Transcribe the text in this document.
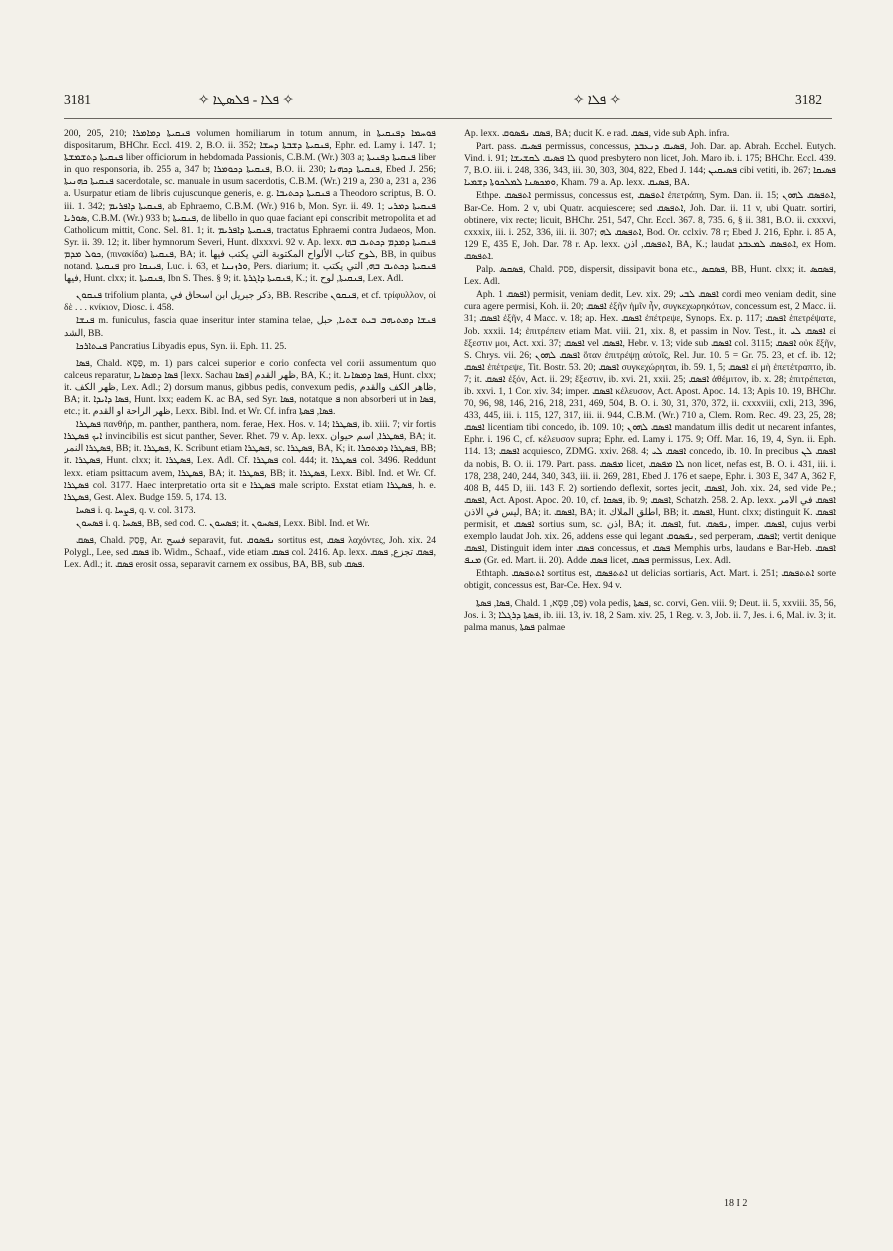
3181	✧ ܦܠܐ - ܦܠܣܛܐ ✧	✧ ܦܠܐ ✧	3182

200, 205, 210; ܦܢܩܝܬܐ ܕܡܐܡܪܐ volumen homiliarum in totum annum, in ܦܘܚܡܐ ܕܦܢܩܝܬܐ dispositarum, BHChr. Eccl. 419. 2, B.O. ii. 352; ܦܢܩܝܬܐ ܕܫܒܬܐ ܕܚܫܐ, Ephr. ed. Lamy i. 147. 1; ܦܢܩܝܬܐ ܕܬܫܡܫܬܐ liber officiorum in hebdomada Passionis, C.B.M. (Wr.) 303 a; ܦܢܩܝܬܐ ܕܦܢܝܬܐ liber in quo responsoria, ib. 255 a, 347 b; ܦܢܩܝܬܐ ܕܟܘܡܪܐ, B.O. ii. 230; ܦܢܩܝܬܐ ܕܟܗܢܐ, Ebed J. 256; ܦܢܩܝܬܐ ܟܗܢܝܬܐ sacerdotale, sc. manuale in usum sacerdotis, C.B.M. (Wr.) 219 a, 230 a, 231 a, 236 a. Usurpatur etiam de libris cujuscunque generis, e. g. ܦܢܩܝܬܐ ܕܟܬܝܒܐ a Theodoro scriptus, B. O. iii. 1. 342; ܦܢܩܝܬܐ ܕܐܦܪܝܡ, ab Ephraemo, C.B.M. (Wr.) 916 b, Mon. Syr. ii. 49. 1; ܦܢܩܝܬܐ ܕܡܪܝ ܣܘܪܝܐ, C.B.M. (Wr.) 933 b; ܦܢܩܝܬܐ, de libello in quo quae faciant epi conscribit metropolita et ad Catholicum mittit, Conc. Sel. 81. 1; it. ܦܢܩܝܬܐ ܕܐܦܪܝܡ, tractatus Ephraemi contra Judaeos, Mon. Syr. ii. 39. 12; it. liber hymnorum Severi, Hunt. dlxxxvi. 92 v. Ap. lexx. ܦܢܩܝܬܐ ܕܡܕܡ ܕܟܬܝܒ ܒܗ ܟܘܠ ܡܕܡ, (πινακίδα) ܦܢܩܝܬܐ, BA; it. ܠوح كتاب الألواح المكتوبة التي يكتب فيها, BB, in quibus notand. ܦܢܩܝܬܐ pro ܦܝܢܩܐ, Luc. i. 63, et ܘܪܙܢܢܐ, Pers. diarium; it. ܦܢܩܝܬܐ ܕܟܬܝܒ ܒܗ, التي يكتب فيها, Hunt. clxx; it. ܦܢܩܝܬܐ, Ibn S. Thes. § 9; it. ܦܢܩܝܬܐ ܕܐܓܪܬܐ, K.; it. ܦܢܩܝܬܐ, لوح, Lex. Adl.

ܦܢܩܘܢ trifolium planta, ذكر جبريل ابن اسحاق في, BB. Rescribe ܦܢܩܘܢ, et cf. τρίφυλλον, οἱ δὲ . . . κνίκιον, Diosc. i. 458.

ܦܢܫܐ m. funiculus, fascia quae inseritur inter stamina telae, ܦܢܫܐ ܕܡܬܝܗܒ ܒܝܬ ܫܬܝܐ, حبل الشد, BB.

ܦܢܬܐܪܟܐ Pancratius Libyadis epus, Syn. ii. Eph. 11. 25.

ܦܣܐ, Chald. פַּסָּא, m. 1) pars calcei superior e corio confecta vel corii assumentum quo calceus reparatur, ܦܣܐ ܕܡܣܐܢܐ [lexx. Sachau ܦܣܐ] ظهر القدم, BA, K.; it. ܦܣܐ ܕܡܣܐܢܐ, Hunt. clxx; it. ظهر الكف, Lex. Adl.; 2) dorsum manus, gibbus pedis, convexum pedis, ظاهر الكف والقدم, BA; it. ܦܣܐ ܕܐܝܕܐ, Hunt. lxx; eadem K. ac BA, sed Syr. ܦܣܐ, notatque ܦ non absorberi ut in ܦܣܐ, etc.; it. ظهر الراحة او القدم, Lexx. Bibl. Ind. et Wr. Cf. infra ܦܣܐ, ܦܣܬܐ.

ܦܣܛܪܐ πανθήρ, m. panther, panthera, nom. ferae, Hex. Hos. v. 14; ܦܣܛܪܐ, ib. xiii. 7; vir fortis ܐܝܟ ܦܣܛܪܐ invincibilis est sicut panther, Sever. Rhet. 79 v. Ap. lexx. ܦܣܛܪܐ, اسم حيوان, BA; it. ܦܣܛܪܐ النمر, BB; it. ܦܣܛܪܐ, K. Scribunt etiam ܦܣܛܪܐ, sc. ܦܣܛܪܐ, BA, K; it. ܦܣܛܪܐ ܕܡܬܩܪܐ, BB; it. ܦܣܛܪܐ, Hunt. clxx; it. ܦܣܛܪܐ, Lex. Adl. Cf. ܦܣܛܪܐ col. 444; it. ܦܣܛܪܐ col. 3496. Reddunt lexx. etiam psittacum avem, ܦܣܛܪܐ, BA; it. ܦܣܛܪܐ, BB; it. ܦܣܛܪܐ, Lexx. Bibl. Ind. et Wr. Cf. ܦܣܛܪܐ col. 3177. Haec interpretatio orta sit e ܦܣܛܪܐ male scripto. Exstat etiam ܦܣܛܪܐ, h. e. ܦܣܛܪܐ, Gest. Alex. Budge 159. 5, 174. 13.

ܦܣܚܐ i. q. ܦܨܚܐ, q. v. col. 3173.

ܦܣܚܘܢ i. q. ܦܣܚܐ, BB, sed cod. C. ܦܣܚܘܢ; it. ܦܣܚܘܢ, Lexx. Bibl. Ind. et Wr.

ܦܣܩ, Chald. פְּסַק, Ar. فسح separavit, fut. ܢܦܣܘܩ sortitus est, ܦܣܩ λαχόντες, Joh. xix. 24 Polygl., Lee, sed ܦܣܩ ib. Widm., Schaaf., vide etiam ܦܣܩ col. 2416. Ap. lexx. ܦܣܩ تجزع, ܦܣܩ, Lex. Adl.; it. ܦܣܩ erosit ossa, separavit carnem ex ossibus, BA, BB, sub ܦܣܩ.

Ap. lexx. ܦܣܩ ܢܦܣܘܩ, BA; ducit K. e rad. ܦܣܩ, vide sub Aph. infra.

Part. pass. ܦܣܝܩ permissus, concessus, ܦܣܝܩ ܕܢܥܒܕ, Joh. Dar. ap. Abrah. Ecchel. Eutych. Vind. i. 91; ܠܐ ܦܣܝܩ ܠܩܫܝܫܐ quod presbytero non licet, Joh. Maro ib. i. 175; BHChr. Eccl. 439. 7, B.O. iii. i. 248, 336, 343, iii. 30, 303, 304, 822, Ebed J. 144; ܦܣܝܩܝܢ cibi vetiti, ib. 267; ܦܣܝܩܐ ܘܡܟܣܢܐ ܠܡܠܟܘܬܐ ܕܫܡܝܐ, Kham. 79 a. Ap. lexx. ܦܣܝܩ, BA.

Ethpe. ܐܬܦܣܩ permissus, concessus est, ܐܬܦܣܩ ἐπετράπη, Sym. Dan. ii. 15; ܐܬܦܣܩ ܠܗܘܢ, Bar-Ce. Hom. 2 v, ubi Quatr. acquiescere; sed ܐܬܦܣܩ, Joh. Dar. ii. 11 v, ubi Quatr. sortiri, obtinere, vix recte; licuit, BHChr. 251, 547, Chr. Eccl. 367. 8, 735. 6, § ii. 381, B.O. ii. cxxxvi, cxxxix, iii. i. 252, 336, iii. ii. 307; ܐܬܦܣܩ ܠܗ, Bod. Or. cclxiv. 78 r; Ebed J. 216, Ephr. i. 85 A, 129 E, 435 E, Joh. Dar. 78 r. Ap. lexx. ܐܬܦܣܩ, اذن, BA, K.; laudat ܐܬܦܣܩ ܠܡܥܒܕ, ex Hom. ܐܬܦܣܩ.

Palp. ܦܣܩܣ, Chald. פסק, dispersit, dissipavit bona etc., ܦܣܩܣ, BB, Hunt. clxx; it. ܦܣܩܣ, Lex. Adl.

Aph. ܐܦܣܩ 1) permisit, veniam dedit, Lev. xix. 29; ܐܦܣܩ ܠܒܝ cordi meo veniam dedit, sine cura agere permisi, Koh. ii. 20; ܐܦܣܩ ἐξῆν ἡμῖν ἦν, συγκεχωρηκότων, concessum est, 2 Macc. ii. 31; ܐܦܣܩ ἐξῆν, 4 Macc. v. 18; ap. Hex. ܐܦܣܩ ἐπέτρεψε, Synops. Ex. p. 117; ܐܦܣܩ ἐπετρέψατε, Job. xxxii. 14; ἐπιτρέπειν etiam Mat. viii. 21, xix. 8, et passim in Nov. Test., it. ܐܦܣܩ ܠܝ εἰ ἔξεστιν μοι, Act. xxi. 37; ܐܦܣܩ vel ܐܦܣܩ, Hebr. v. 13; vide sub ܐܦܣܩ col. 3115; ܐܦܣܩ οὐκ ἔξῆν, S. Chrys. vii. 26; ܐܦܣܩ ܠܗܘܢ ὅταν ἐπιτρέψῃ αὐτοῖς, Rel. Jur. 10. 5 = Gr. 75. 23, et cf. ib. 12; ܐܦܣܩ ἐπέτρεψε, Tit. Bostr. 53. 20; ܐܦܣܩ συγκεχώρηται, ib. 59. 1, 5; ܐܦܣܩ εἰ μὴ ἐπετέτραπτο, ib. 7; it. ܐܦܣܩ ἐξόν, Act. ii. 29; ἔξεστιν, ib. xvi. 21, xxii. 25; ܐܦܣܩ ἀθέμιτον, ib. x. 28; ἐπιτρέπεται, ib. xxvi. 1, 1 Cor. xiv. 34; imper. ܐܦܣܩ κέλευσον, Act. Apost. Apoc. 14. 13; Apis 10. 19, BHChr. 70, 96, 98, 146, 216, 218, 231, 469, 504, B. O. i. 30, 31, 370, 372, ii. cxxxviii, cxli, 213, 396, 433, 445, iii. i. 115, 127, 317, iii. ii. 944, C.B.M. (Wr.) 710 a, Clem. Rom. Rec. 49. 23, 25, 28; ܐܦܣܩ licentiam tibi concedo, ib. 109. 10; ܐܦܣܩ ܠܗܘܢ mandatum illis dedit ut necarent infantes, Ephr. i. 196 C, cf. κέλευσον supra; Ephr. ed. Lamy i. 175. 9; Off. Mar. 16, 19, 4, Syn. ii. Eph. 114. 13; ܐܦܣܩ acquiesco, ZDMG. xxiv. 268. 4; ܐܦܣܩ ܠܝ concedo, ib. 10. In precibus ܐܦܣܩ ܠܢ da nobis, B. O. ii. 179. Part. pass. ܡܦܣܩ licet, ܠܐ ܡܦܣܩ non licet, nefas est, B. O. i. 431, iii. i. 178, 238, 240, 244, 340, 343, iii. ii. 269, 281, Ebed J. 176 et saepe, Ephr. i. 303 E, 347 A, 362 F, 408 B, 445 D, iii. 143 F. 2) sortiendo deflexit, sortes jecit, ܐܦܣܩ, Joh. xix. 24, sed vide Pe.; ܐܦܣܩ, Act. Apost. Apoc. 20. 10, cf. ܦܣܩܐ, ib. 9; ܐܦܣܩ, Schatzh. 258. 2. Ap. lexx. ܐܦܣܩ في الامر ليس في الاذن, BA; it. ܐܦܣܩ, BA; it. اطلق الملاك, BB; it. ܐܦܣܩ, Hunt. clxx; distinguit K. ܐܦܣܩ permisit, et ܐܦܣܩ sortius sum, sc. اذن, BA; it. ܐܦܣܩ, fut. ܢܦܣܩ, imper. ܐܦܣܩ, cujus verbi exemplo laudat Joh. xix. 26, addens esse qui legant ܢܦܣܘܩ, sed perperam, ܐܦܣܩ; vertit denique ܐܦܣܩ, Distinguit idem inter ܦܣܩ concessus, et ܦܣܩ Memphis urbs, laudans e Bar-Heb. ܐܦܣܩ ܡܢܦ (Gr. ed. Mart. ii. 20). Adde ܦܣܩ licet, ܦܣܩ permissus, Lex. Adl.

Ethtaph. ܐܬܬܦܣܩ sortitus est, ܐܬܬܦܣܩ ut delicias sortiaris, Act. Mart. i. 251; ܐܬܬܦܣܩ sorte obtigit, concessus est, Bar-Ce. Hex. 94 v.

ܦܣܐ, ܦܣܬܐ, Chald. פַּס, פִּסָּא, 1) vola pedis, ܦܣܬܐ, sc. corvi, Gen. viii. 9; Deut. ii. 5, xxviii. 35, 56, Jos. i. 3; ܦܣܬܐ ܕܪܓܠܐ, ib. iii. 13, iv. 18, 2 Sam. xiv. 25, 1 Reg. v. 3, Job. ii. 7, Jes. i. 6, Mal. iv. 3; it. palma manus, ܦܣܬܐ palmae

18 I 2
